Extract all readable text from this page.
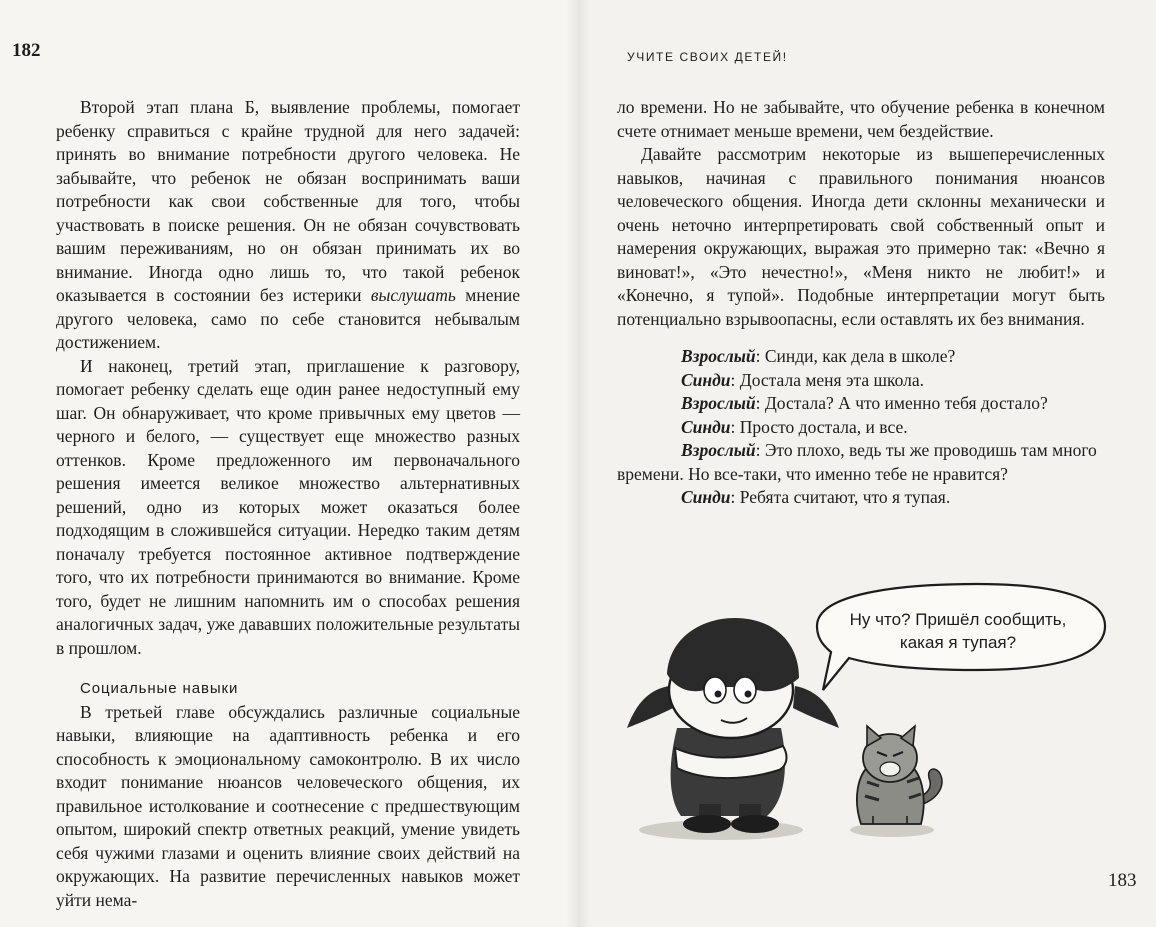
182	УЧИТЕ СВОИХ ДЕТЕЙ!

Второй этап плана Б, выявление проблемы, помогает ребенку справиться с крайне трудной для него задачей: принять во внимание потребности другого человека. Не забывайте, что ребенок не обязан воспринимать ваши потребности как свои собственные для того, чтобы участвовать в поиске решения. Он не обязан сочувствовать вашим переживаниям, но он обязан принимать их во внимание. Иногда одно лишь то, что такой ребенок оказывается в состоянии без истерики выслушать мнение другого человека, само по себе становится небывалым достижением.

И наконец, третий этап, приглашение к разговору, помогает ребенку сделать еще один ранее недоступный ему шаг. Он обнаруживает, что кроме привычных ему цветов — черного и белого, — существует еще множество разных оттенков. Кроме предложенного им первоначального решения имеется великое множество альтернативных решений, одно из которых может оказаться более подходящим в сложившейся ситуации. Нередко таким детям поначалу требуется постоянное активное подтверждение того, что их потребности принимаются во внимание. Кроме того, будет не лишним напомнить им о способах решения аналогичных задач, уже дававших положительные результаты в прошлом.

Социальные навыки

В третьей главе обсуждались различные социальные навыки, влияющие на адаптивность ребенка и его способность к эмоциональному самоконтролю. В их число входит понимание нюансов человеческого общения, их правильное истолкование и соотнесение с предшествующим опытом, широкий спектр ответных реакций, умение увидеть себя чужими глазами и оценить влияние своих действий на окружающих. На развитие перечисленных навыков может уйти нема-

ло времени. Но не забывайте, что обучение ребенка в конечном счете отнимает меньше времени, чем бездействие.

Давайте рассмотрим некоторые из вышеперечисленных навыков, начиная с правильного понимания нюансов человеческого общения. Иногда дети склонны механически и очень неточно интерпретировать свой собственный опыт и намерения окружающих, выражая это примерно так: «Вечно я виноват!», «Это нечестно!», «Меня никто не любит!» и «Конечно, я тупой». Подобные интерпретации могут быть потенциально взрывоопасны, если оставлять их без внимания.

Взрослый: Синди, как дела в школе?

Синди: Достала меня эта школа.

Взрослый: Достала? А что именно тебя достало?

Синди: Просто достала, и все.

Взрослый: Это плохо, ведь ты же проводишь там много

времени. Но все-таки, что именно тебе не нравится?

Синди: Ребята считают, что я тупая.

Ну что? Пришёл сообщить,
какая я тупая?
183
